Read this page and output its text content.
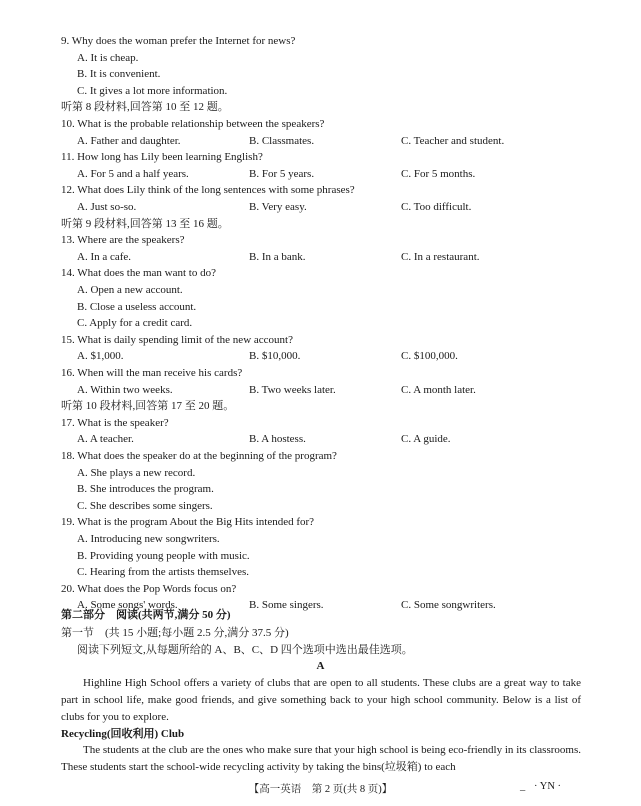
9. Why does the woman prefer the Internet for news?
A. It is cheap.
B. It is convenient.
C. It gives a lot more information.
听第 8 段材料,回答第 10 至 12 题。
10. What is the probable relationship between the speakers?
A. Father and daughter.	B. Classmates.	C. Teacher and student.
11. How long has Lily been learning English?
A. For 5 and a half years.	B. For 5 years.	C. For 5 months.
12. What does Lily think of the long sentences with some phrases?
A. Just so-so.	B. Very easy.	C. Too difficult.
听第 9 段材料,回答第 13 至 16 题。
13. Where are the speakers?
A. In a cafe.	B. In a bank.	C. In a restaurant.
14. What does the man want to do?
A. Open a new account.
B. Close a useless account.
C. Apply for a credit card.
15. What is daily spending limit of the new account?
A. $1,000.	B. $10,000.	C. $100,000.
16. When will the man receive his cards?
A. Within two weeks.	B. Two weeks later.	C. A month later.
听第 10 段材料,回答第 17 至 20 题。
17. What is the speaker?
A. A teacher.	B. A hostess.	C. A guide.
18. What does the speaker do at the beginning of the program?
A. She plays a new record.
B. She introduces the program.
C. She describes some singers.
19. What is the program About the Big Hits intended for?
A. Introducing new songwriters.
B. Providing young people with music.
C. Hearing from the artists themselves.
20. What does the Pop Words focus on?
A. Some songs' words.	B. Some singers.	C. Some songwriters.
第二部分　阅读(共两节,满分 50 分)
第一节　(共 15 小题;每小题 2.5 分,满分 37.5 分)
阅读下列短文,从每题所给的 A、B、C、D 四个选项中选出最佳选项。
A
Highline High School offers a variety of clubs that are open to all students. These clubs are a great way to take part in school life, make good friends, and give something back to your high school community. Below is a list of clubs for you to explore.
Recycling(回收利用) Club
The students at the club are the ones who make sure that your high school is being eco-friendly in its classrooms. These students start the school-wide recycling activity by taking the bins(垃圾箱) to each
【高一英语　第 2 页(共 8 页)】	_ · YN ·
